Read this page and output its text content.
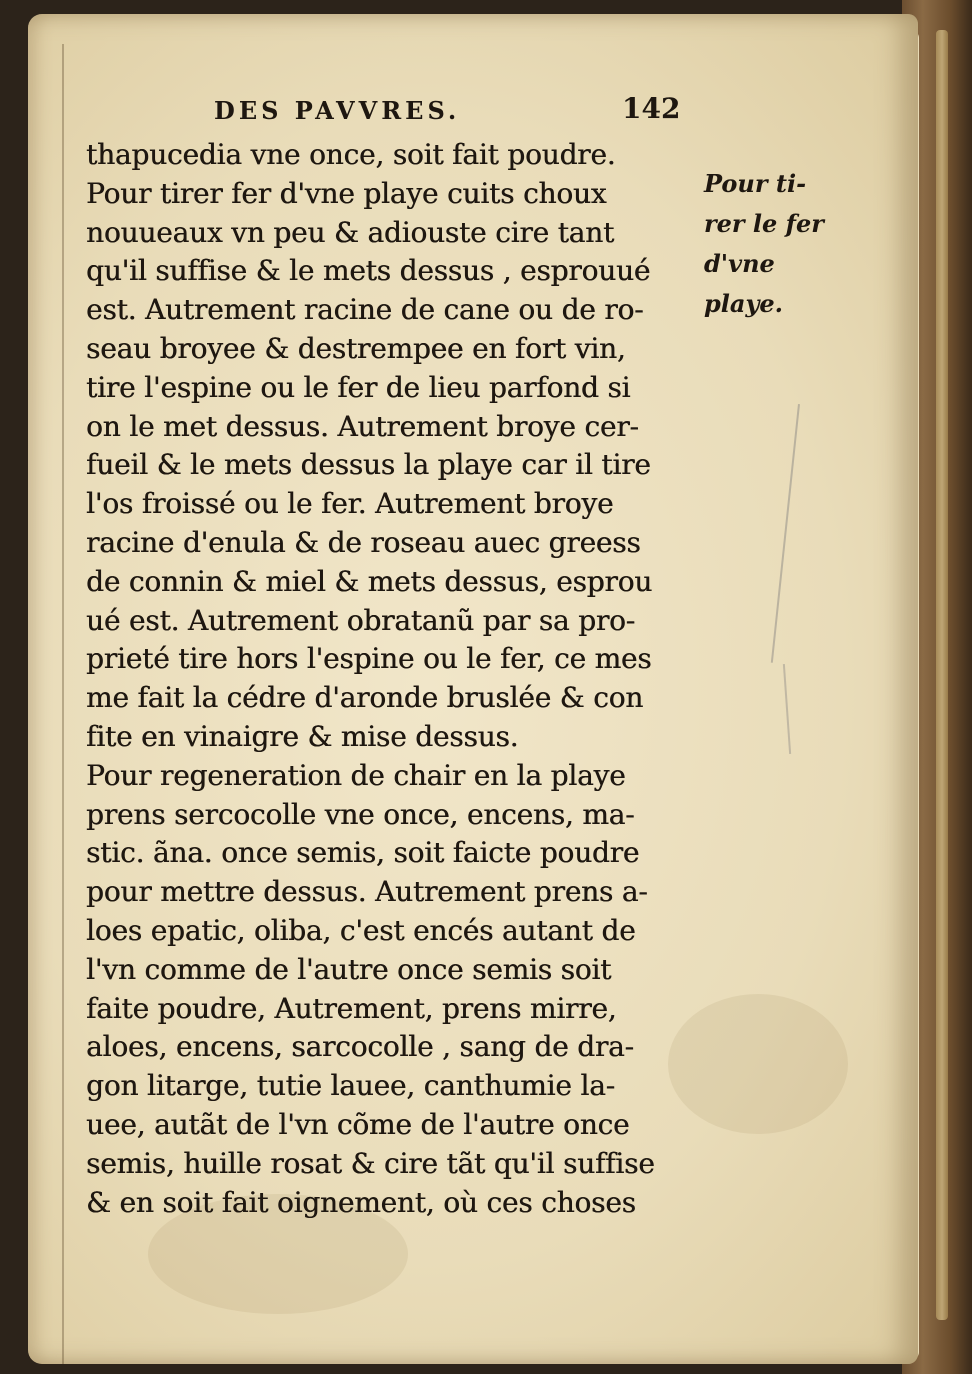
DES PAVVRES.	142
thapucedia vne once, soit fait poudre.
Pour tirer fer d'vne playe cuits choux
nouueaux vn peu & adiouste cire tant
qu'il suffise & le mets dessus , esprouué
est. Autrement racine de cane ou de ro-
seau broyee & destrempee en fort vin,
tire l'espine ou le fer de lieu parfond si
on le met dessus. Autrement broye cer-
fueil & le mets dessus la playe car il tire
l'os froissé ou le fer. Autrement broye
racine d'enula & de roseau auec greess
de connin & miel & mets dessus, esprou
ué est. Autrement obratanũ par sa pro-
prieté tire hors l'espine ou le fer, ce mes
me fait la cédre d'aronde bruslée & con
fite en vinaigre & mise dessus.
Pour regeneration de chair en la playe
prens sercocolle vne once, encens, ma-
stic. ãna. once semis, soit faicte poudre
pour mettre dessus. Autrement prens a-
loes epatic, oliba, c'est encés autant de
l'vn comme de l'autre once semis soit
faite poudre, Autrement, prens mirre,
aloes, encens, sarcocolle , sang de dra-
gon litarge, tutie lauee, canthumie la-
uee, autãt de l'vn cõme de l'autre once
semis, huille rosat & cire tãt qu'il suffise
& en soit fait oignement, où ces choses
Pour ti-
rer le fer
d'vne
playe.
